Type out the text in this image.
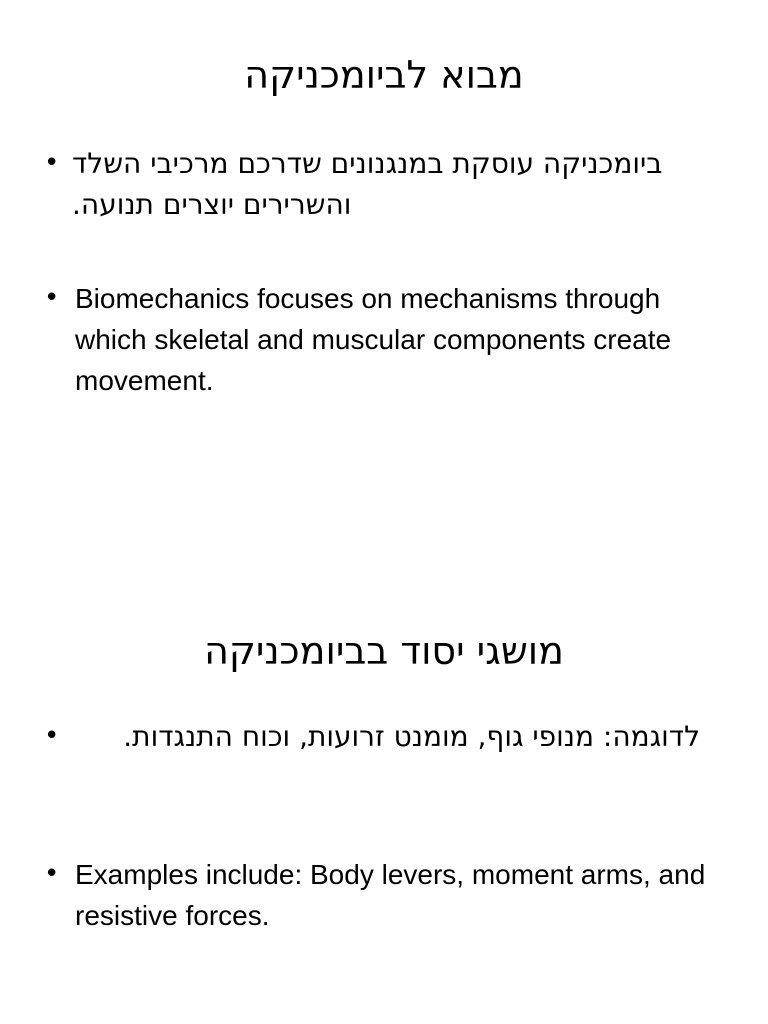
מבוא לביומכניקה
• ביומכניקה עוסקת במנגנונים שדרכם מרכיבי השלד והשרירים יוצרים תנועה.
• Biomechanics focuses on mechanisms through which skeletal and muscular components create movement.
מושגי יסוד בביומכניקה
•	לדוגמה: מנופי גוף, מומנט זרועות, וכוח התנגדות.
• Examples include: Body levers, moment arms, and resistive forces.
